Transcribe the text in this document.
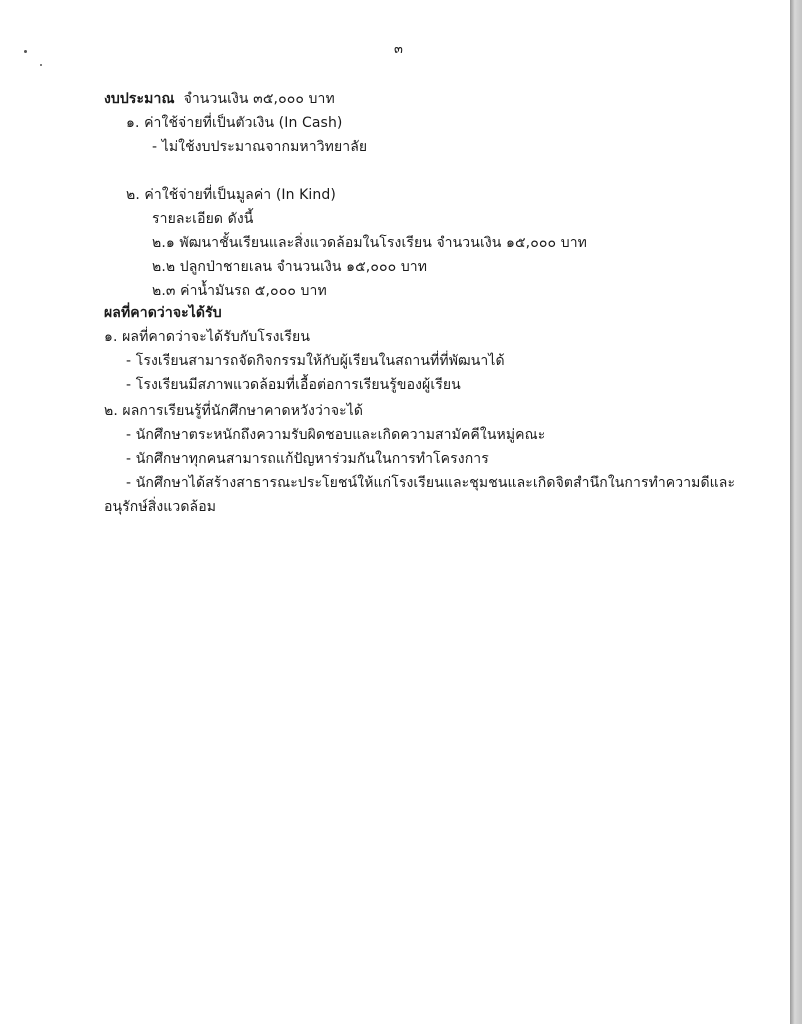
๓
งบประมาณ จำนวนเงิน ๓๕,๐๐๐ บาท
๑. ค่าใช้จ่ายที่เป็นตัวเงิน (In Cash)
- ไม่ใช้งบประมาณจากมหาวิทยาลัย
๒. ค่าใช้จ่ายที่เป็นมูลค่า (In Kind)
รายละเอียด ดังนี้
๒.๑ พัฒนาชั้นเรียนและสิ่งแวดล้อมในโรงเรียน จำนวนเงิน ๑๕,๐๐๐ บาท
๒.๒ ปลูกป่าชายเลน จำนวนเงิน ๑๕,๐๐๐ บาท
๒.๓ ค่าน้ำมันรถ ๕,๐๐๐ บาท
ผลที่คาดว่าจะได้รับ
๑. ผลที่คาดว่าจะได้รับกับโรงเรียน
- โรงเรียนสามารถจัดกิจกรรมให้กับผู้เรียนในสถานที่ที่พัฒนาได้
- โรงเรียนมีสภาพแวดล้อมที่เอื้อต่อการเรียนรู้ของผู้เรียน
๒. ผลการเรียนรู้ที่นักศึกษาคาดหวังว่าจะได้
- นักศึกษาตระหนักถึงความรับผิดชอบและเกิดความสามัคคีในหมู่คณะ
- นักศึกษาทุกคนสามารถแก้ปัญหาร่วมกันในการทำโครงการ
- นักศึกษาได้สร้างสาธารณะประโยชน์ให้แก่โรงเรียนและชุมชนและเกิดจิตสำนึกในการทำความดีและ
อนุรักษ์สิ่งแวดล้อม
